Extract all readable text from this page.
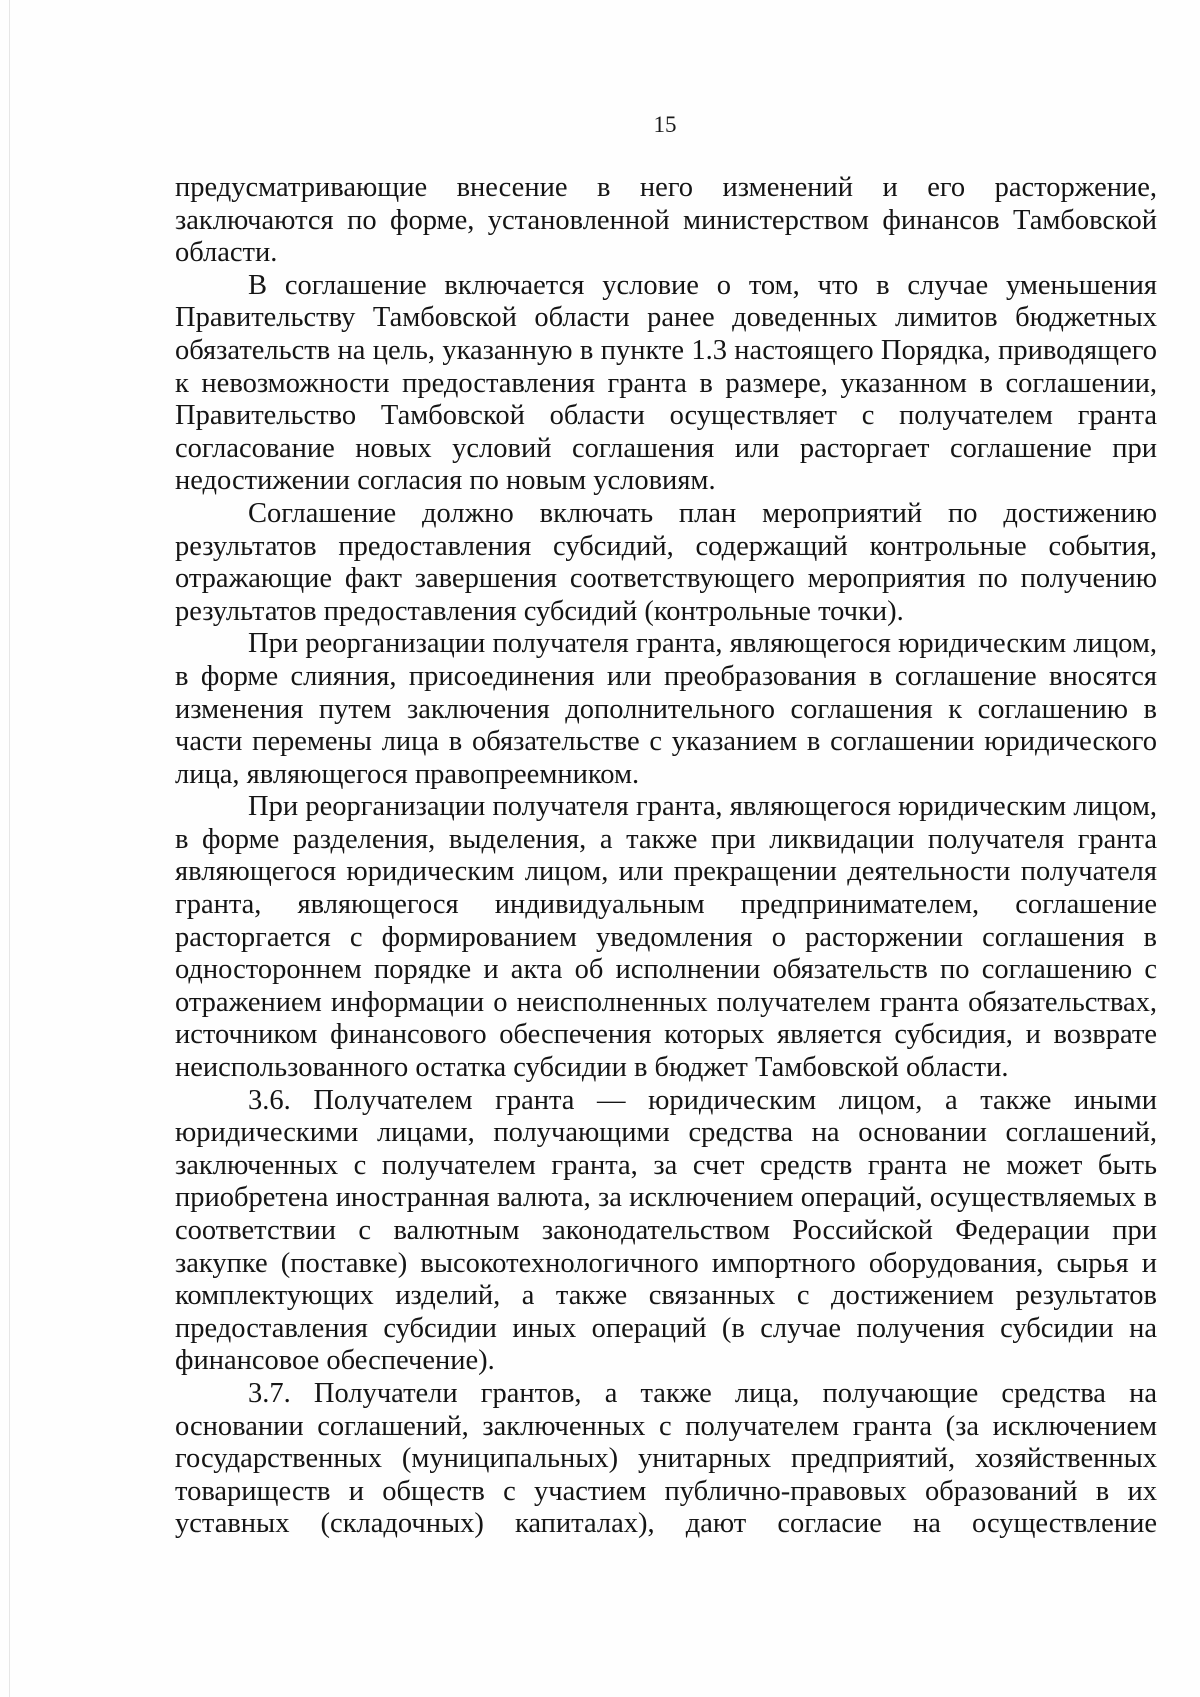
15

предусматривающие внесение в него изменений и его расторжение, заключаются по форме, установленной министерством финансов Тамбовской области.

В соглашение включается условие о том, что в случае уменьшения Правительству Тамбовской области ранее доведенных лимитов бюджетных обязательств на цель, указанную в пункте 1.3 настоящего Порядка, приводящего к невозможности предоставления гранта в размере, указанном в соглашении, Правительство Тамбовской области осуществляет с получателем гранта согласование новых условий соглашения или расторгает соглашение при недостижении согласия по новым условиям.

Соглашение должно включать план мероприятий по достижению результатов предоставления субсидий, содержащий контрольные события, отражающие факт завершения соответствующего мероприятия по получению результатов предоставления субсидий (контрольные точки).

При реорганизации получателя гранта, являющегося юридическим лицом, в форме слияния, присоединения или преобразования в соглашение вносятся изменения путем заключения дополнительного соглашения к соглашению в части перемены лица в обязательстве с указанием в соглашении юридического лица, являющегося правопреемником.

При реорганизации получателя гранта, являющегося юридическим лицом, в форме разделения, выделения, а также при ликвидации получателя гранта являющегося юридическим лицом, или прекращении деятельности получателя гранта, являющегося индивидуальным предпринимателем, соглашение расторгается с формированием уведомления о расторжении соглашения в одностороннем порядке и акта об исполнении обязательств по соглашению с отражением информации о неисполненных получателем гранта обязательствах, источником финансового обеспечения которых является субсидия, и возврате неиспользованного остатка субсидии в бюджет Тамбовской области.

3.6. Получателем гранта — юридическим лицом, а также иными юридическими лицами, получающими средства на основании соглашений, заключенных с получателем гранта, за счет средств гранта не может быть приобретена иностранная валюта, за исключением операций, осуществляемых в соответствии с валютным законодательством Российской Федерации при закупке (поставке) высокотехнологичного импортного оборудования, сырья и комплектующих изделий, а также связанных с достижением результатов предоставления субсидии иных операций (в случае получения субсидии на финансовое обеспечение).

3.7. Получатели грантов, а также лица, получающие средства на основании соглашений, заключенных с получателем гранта (за исключением государственных (муниципальных) унитарных предприятий, хозяйственных товариществ и обществ с участием публично-правовых образований в их уставных (складочных) капиталах), дают согласие на осуществление
